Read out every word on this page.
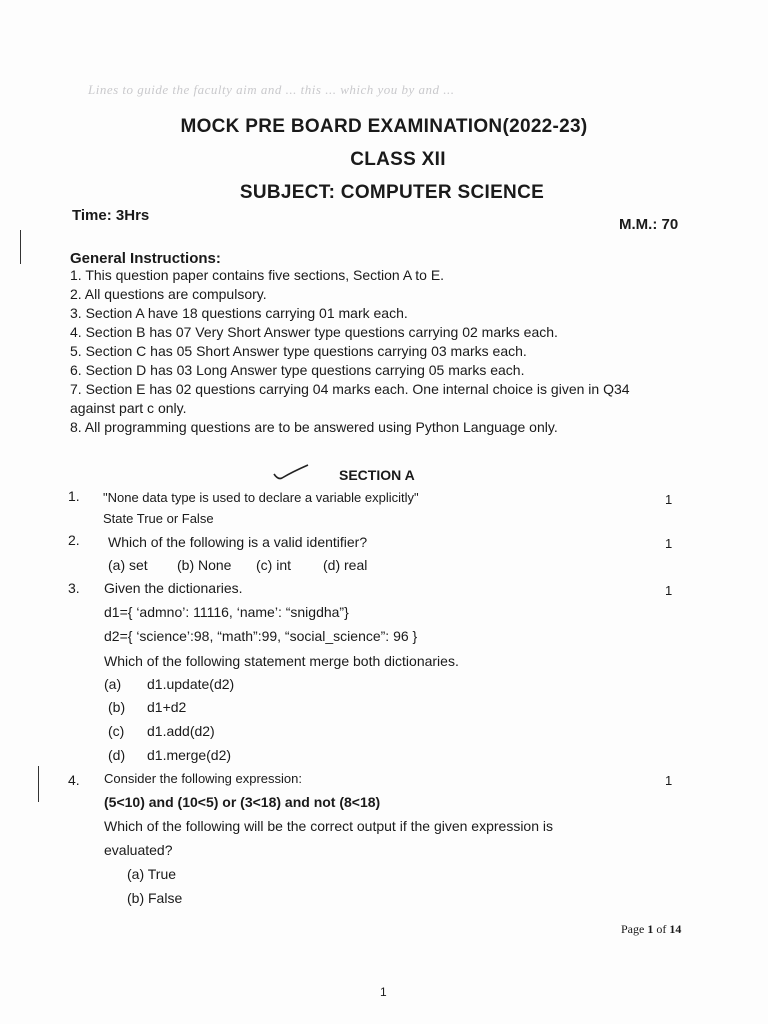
Lines to guide the faculty aim and ... this ... which you by and ...
MOCK PRE BOARD EXAMINATION(2022-23)
CLASS XII
SUBJECT: COMPUTER SCIENCE
Time: 3Hrs
M.M.: 70
General Instructions:
1. This question paper contains five sections, Section A to E.
2. All questions are compulsory.
3. Section A have 18 questions carrying 01 mark each.
4. Section B has 07 Very Short Answer type questions carrying 02 marks each.
5. Section C has 05 Short Answer type questions carrying 03 marks each.
6. Section D has 03 Long Answer type questions carrying 05 marks each.
7. Section E has 02 questions carrying 04 marks each. One internal choice is given in Q34
against part c only.
8. All programming questions are to be answered using Python Language only.
SECTION A
1. "None data type is used to declare a variable explicitly"	1
State True or False
2. Which of the following is a valid identifier?	1
(a) set (b) None (c) int (d) real
3. Given the dictionaries.	1
d1={ ‘admno’: 11116, ‘name’: “snigdha”}
d2={ ‘science’:98, “math”:99, “social_science”: 96 }
Which of the following statement merge both dictionaries.
(a) d1.update(d2)
(b) d1+d2
(c) d1.add(d2)
(d) d1.merge(d2)
4. Consider the following expression:	1
(5<10) and (10<5) or (3<18) and not (8<18)
Which of the following will be the correct output if the given expression is
evaluated?
(a) True
(b) False
Page 1 of 14
1
